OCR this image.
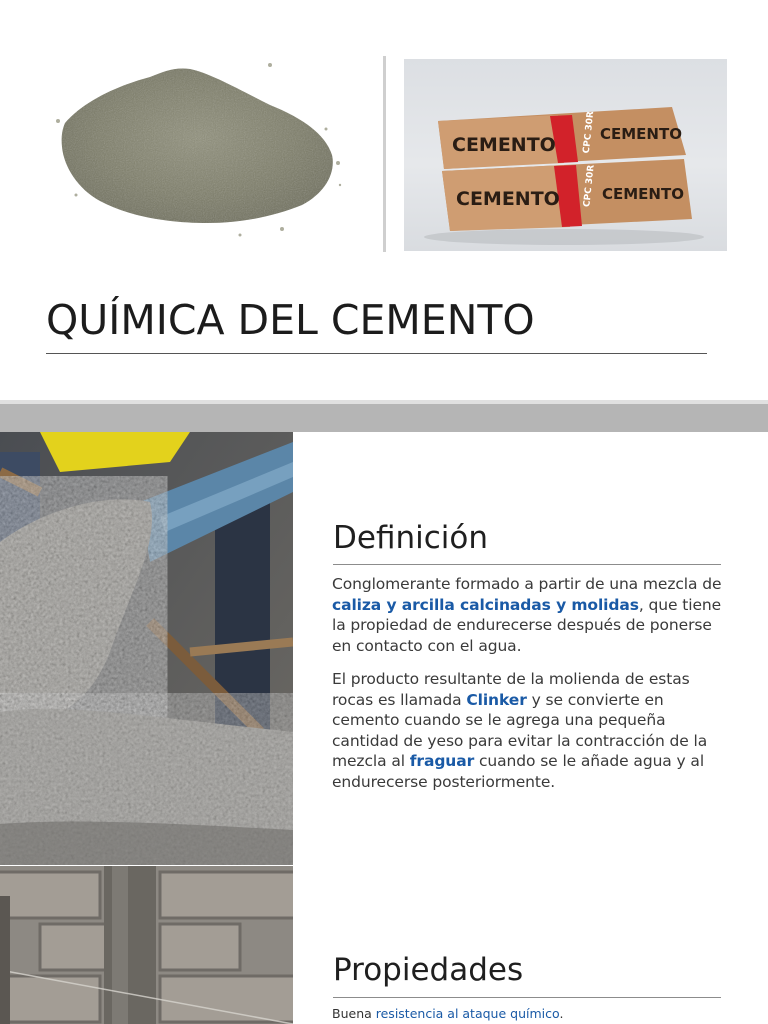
CEMENTO	CEMENTO
CPC 30R
CEMENTO	CEMENTO
CPC 30R
QUÍMICA DEL CEMENTO
Definición

Conglomerante formado a partir de una mezcla de caliza y arcilla calcinadas y molidas, que tiene la propiedad de endurecerse después de ponerse en contacto con el agua.

El producto resultante de la molienda de estas rocas es llamada Clinker y se convierte en cemento cuando se le agrega una pequeña cantidad de yeso para evitar la contracción de la mezcla al fraguar cuando se le añade agua y al endurecerse posteriormente.

Propiedades

Buena resistencia al ataque químico.
